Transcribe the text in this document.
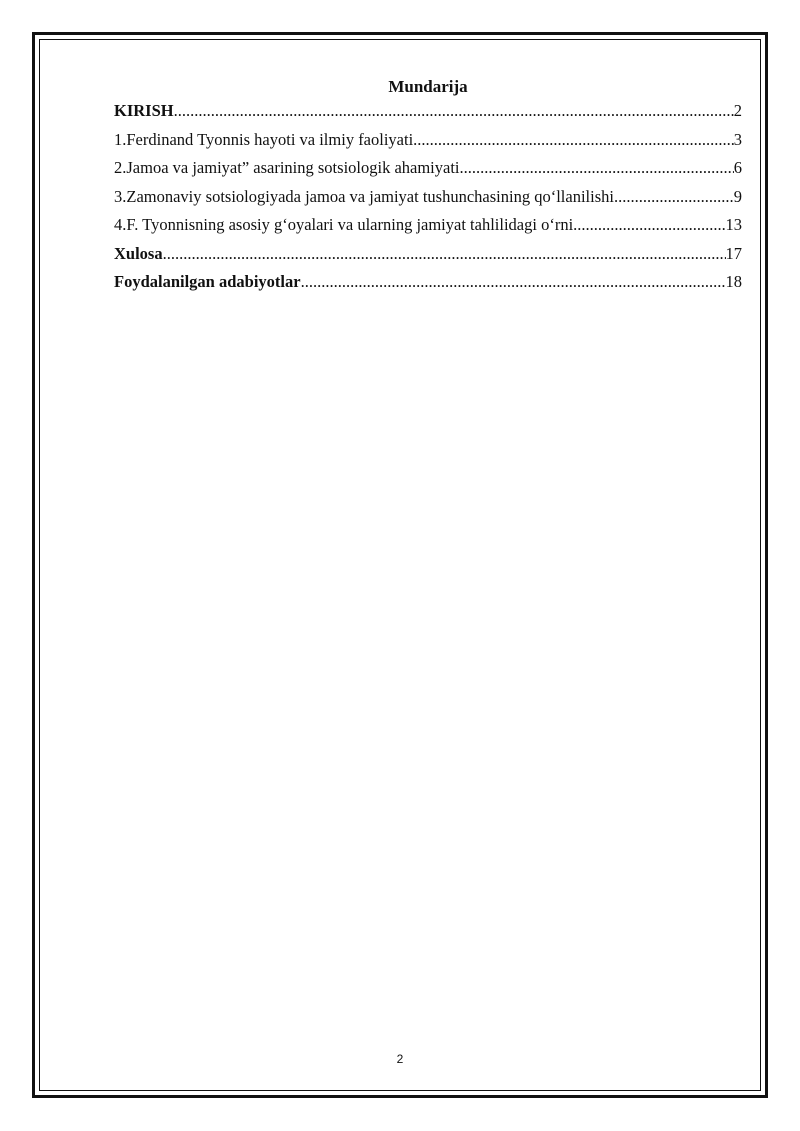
Mundarija
KIRISH .....	2
1.Ferdinand Tyonnis hayoti va ilmiy faoliyati .....	3
2.Jamoa va jamiyat” asarining sotsiologik ahamiyati .....	6
3.Zamonaviy sotsiologiyada jamoa va jamiyat tushunchasining qo‘llanilishi .....	9
4.F. Tyonnisning asosiy g‘oyalari va ularning jamiyat tahlilidagi o‘rni .....	13
Xulosa .....	17
Foydalanilgan adabiyotlar .....	18
2
